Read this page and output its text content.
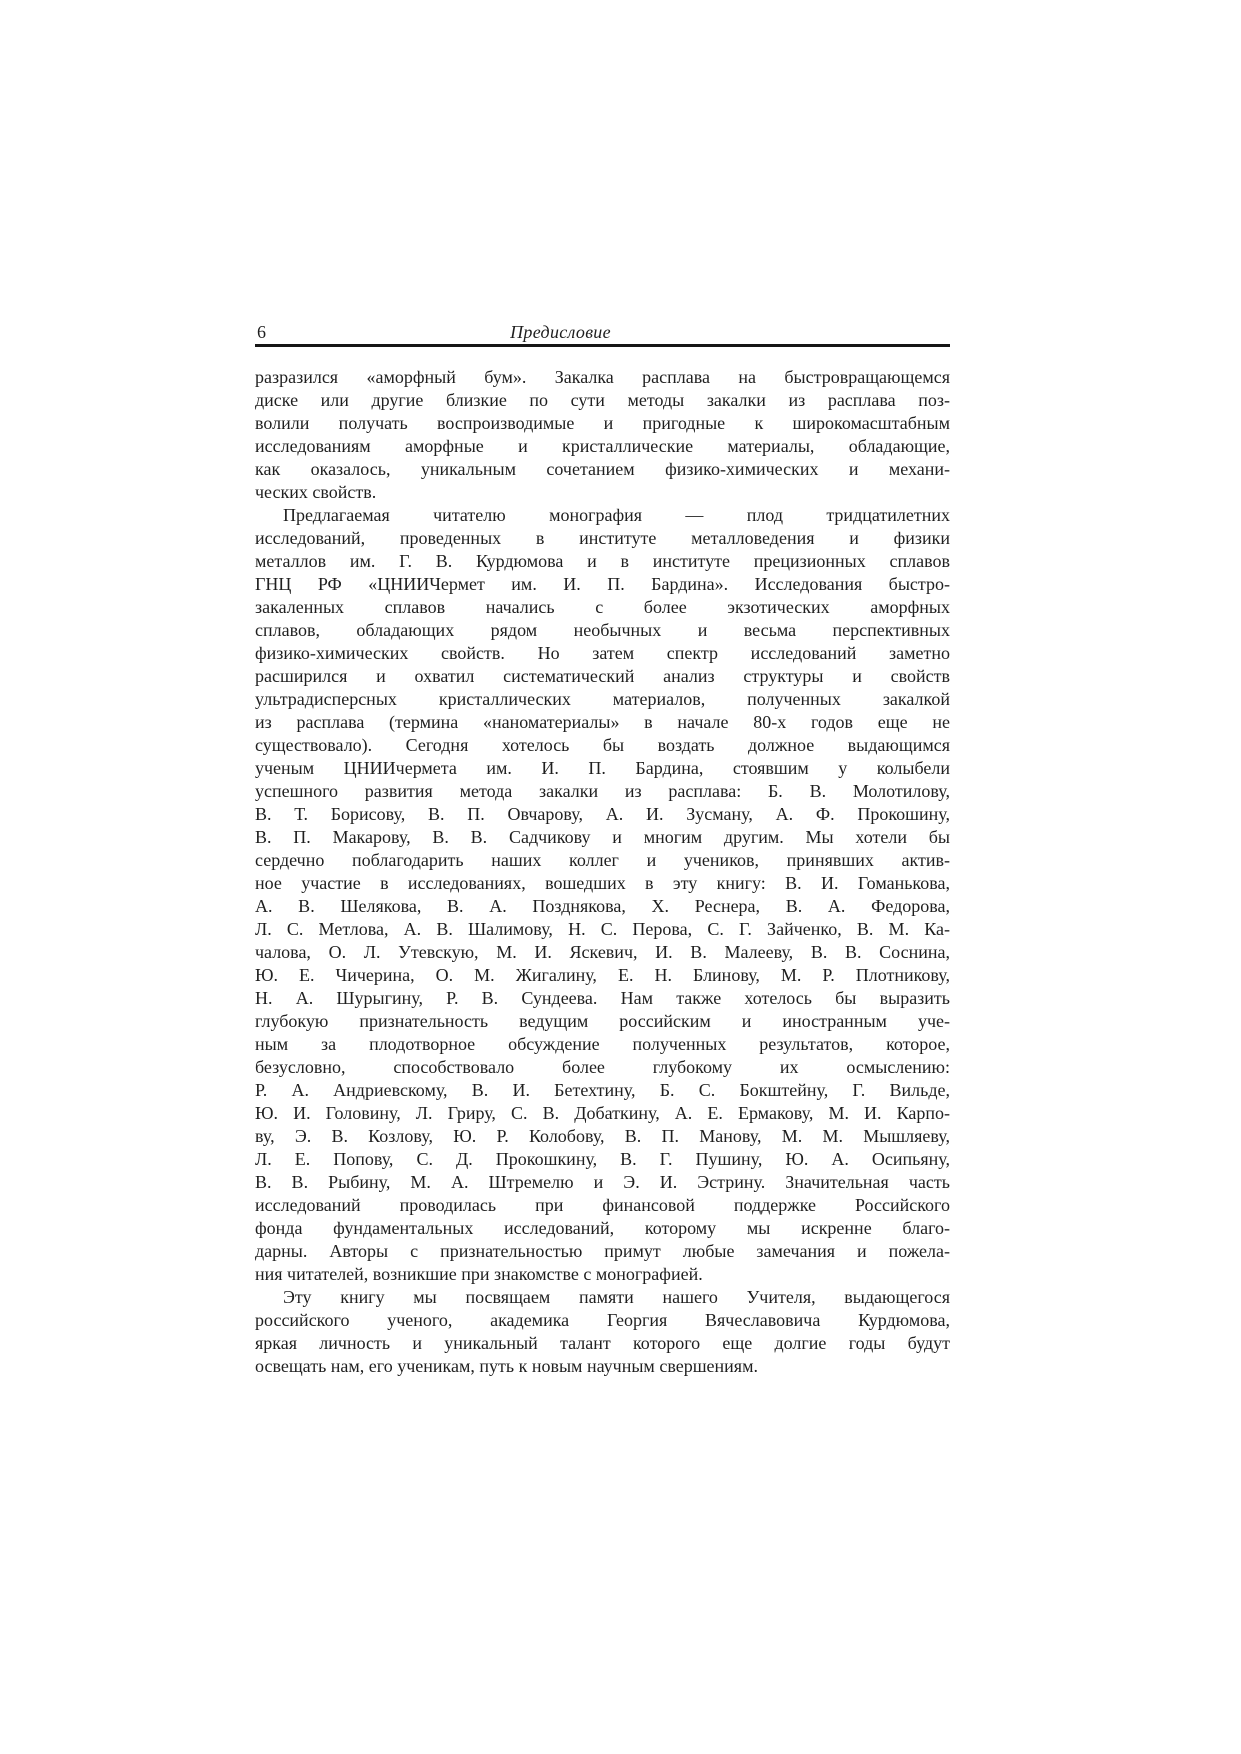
6	Предисловие
разразился «аморфный бум». Закалка расплава на быстровращающемся
диске или другие близкие по сути методы закалки из расплава поз-
волили получать воспроизводимые и пригодные к широкомасштабным
исследованиям аморфные и кристаллические материалы, обладающие,
как оказалось, уникальным сочетанием физико-химических и механи-
ческих свойств.
Предлагаемая читателю монография — плод тридцатилетних
исследований, проведенных в институте металловедения и физики
металлов им. Г. В. Курдюмова и в институте прецизионных сплавов
ГНЦ РФ «ЦНИИЧермет им. И. П. Бардина». Исследования быстро-
закаленных сплавов начались с более экзотических аморфных
сплавов, обладающих рядом необычных и весьма перспективных
физико-химических свойств. Но затем спектр исследований заметно
расширился и охватил систематический анализ структуры и свойств
ультрадисперсных кристаллических материалов, полученных закалкой
из расплава (термина «наноматериалы» в начале 80-х годов еще не
существовало). Сегодня хотелось бы воздать должное выдающимся
ученым ЦНИИчермета им. И. П. Бардина, стоявшим у колыбели
успешного развития метода закалки из расплава: Б. В. Молотилову,
В. Т. Борисову, В. П. Овчарову, А. И. Зусману, А. Ф. Прокошину,
В. П. Макарову, В. В. Садчикову и многим другим. Мы хотели бы
сердечно поблагодарить наших коллег и учеников, принявших актив-
ное участие в исследованиях, вошедших в эту книгу: В. И. Гоманькова,
А. В. Шелякова, В. А. Позднякова, Х. Реснера, В. А. Федорова,
Л. С. Метлова, А. В. Шалимову, Н. С. Перова, С. Г. Зайченко, В. М. Ка-
чалова, О. Л. Утевскую, М. И. Яскевич, И. В. Малееву, В. В. Соснина,
Ю. Е. Чичерина, О. М. Жигалину, Е. Н. Блинову, М. Р. Плотникову,
Н. А. Шурыгину, Р. В. Сундеева. Нам также хотелось бы выразить
глубокую признательность ведущим российским и иностранным уче-
ным за плодотворное обсуждение полученных результатов, которое,
безусловно, способствовало более глубокому их осмыслению:
Р. А. Андриевскому, В. И. Бетехтину, Б. С. Бокштейну, Г. Вильде,
Ю. И. Головину, Л. Гриру, С. В. Добаткину, А. Е. Ермакову, М. И. Карпо-
ву, Э. В. Козлову, Ю. Р. Колобову, В. П. Манову, М. М. Мышляеву,
Л. Е. Попову, С. Д. Прокошкину, В. Г. Пушину, Ю. А. Осипьяну,
В. В. Рыбину, М. А. Штремелю и Э. И. Эстрину. Значительная часть
исследований проводилась при финансовой поддержке Российского
фонда фундаментальных исследований, которому мы искренне благо-
дарны. Авторы с признательностью примут любые замечания и пожела-
ния читателей, возникшие при знакомстве с монографией.
Эту книгу мы посвящаем памяти нашего Учителя, выдающегося
российского ученого, академика Георгия Вячеславовича Курдюмова,
яркая личность и уникальный талант которого еще долгие годы будут
освещать нам, его ученикам, путь к новым научным свершениям.
